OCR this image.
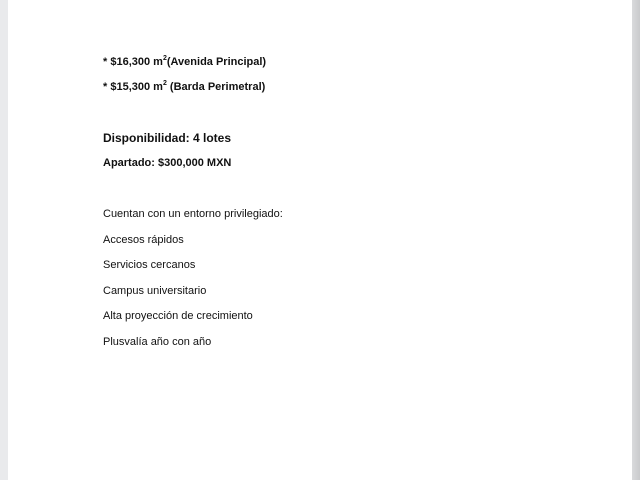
* $16,300 $m^2(Avenida$ Principal)
* $15,300 $m^2$ (Barda Perimetral)
Disponibilidad: 4 lotes
Apartado: $300,000 MXN
Cuentan con un entorno privilegiado:
Accesos rápidos
Servicios cercanos
Campus universitario
Alta proyección de crecimiento
Plusvalía año con año
